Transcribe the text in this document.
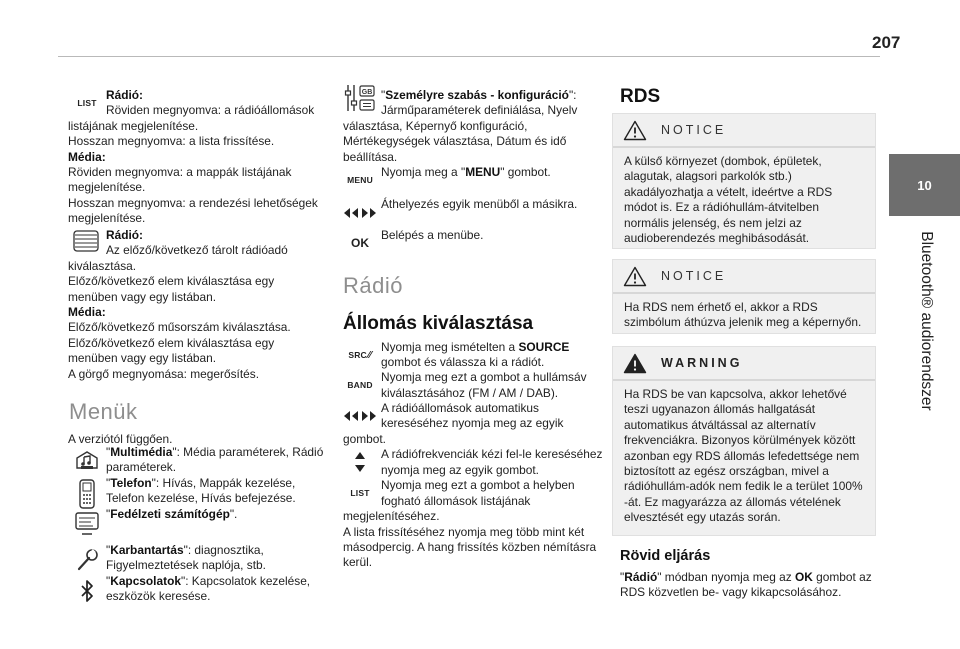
207
10
Bluetooth® audiorendszer
LIST
Rádió:
Röviden megnyomva: a rádióállomások
listájának megjelenítése.
Hosszan megnyomva: a lista frissítése.
Média:
Röviden megnyomva: a mappák listájának
megjelenítése.
Hosszan megnyomva: a rendezési lehetőségek
megjelenítése.
Rádió:
Az előző/következő tárolt rádióadó
kiválasztása.
Előző/következő elem kiválasztása egy
menüben vagy egy listában.
Média:
Előző/következő műsorszám kiválasztása.
Előző/következő elem kiválasztása egy
menüben vagy egy listában.
A görgő megnyomása: megerősítés.
Menük
A verziótól függően.
"Multimédia": Média paraméterek, Rádió
paraméterek.
"Telefon": Hívás, Mappák kezelése,
Telefon kezelése, Hívás befejezése.
"Fedélzeti számítógép".
"Karbantartás": diagnosztika,
Figyelmeztetések naplója, stb.
"Kapcsolatok": Kapcsolatok kezelése,
eszközök keresése.
GB "Személyre szabás - konfiguráció":
Járműparaméterek definiálása, Nyelv
választása, Képernyő konfiguráció,
Mértékegységek választása, Dátum és idő
beállítása.
MENU
Nyomja meg a "MENU" gombot.
Áthelyezés egyik menüből a másikra.
OK
Belépés a menübe.
Rádió
Állomás kiválasztása
SRC ⁄⁄
Nyomja meg ismételten a SOURCE
gombot és válassza ki a rádiót.
BAND
Nyomja meg ezt a gombot a hullámsáv
kiválasztásához (FM / AM / DAB).
A rádióállomások automatikus
kereséséhez nyomja meg az egyik
gombot.
A rádiófrekvenciák kézi fel-le kereséséhez
nyomja meg az egyik gombot.
LIST
Nyomja meg ezt a gombot a helyben
fogható állomások listájának
megjelenítéséhez.
A lista frissítéséhez nyomja meg több mint két
másodpercig. A hang frissítés közben némításra
kerül.
RDS
NOTICE
A külső környezet (dombok, épületek,
alagutak, alagsori parkolók stb.)
akadályozhatja a vételt, ideértve a RDS
módot is. Ez a rádióhullám-átvitelben
normális jelenség, és nem jelzi az
audioberendezés meghibásodását.
NOTICE
Ha RDS nem érhető el, akkor a RDS
szimbólum áthúzva jelenik meg a képernyőn.
WARNING
Ha RDS be van kapcsolva, akkor lehetővé
teszi ugyanazon állomás hallgatását
automatikus átváltással az alternatív
frekvenciákra. Bizonyos körülmények között
azonban egy RDS állomás lefedettsége nem
biztosított az egész országban, mivel a
rádióhullám-adók nem fedik le a terület 100%
-át. Ez magyarázza az állomás vételének
elvesztését egy utazás során.
Rövid eljárás
"Rádió" módban nyomja meg az OK gombot az
RDS közvetlen be- vagy kikapcsolásához.
